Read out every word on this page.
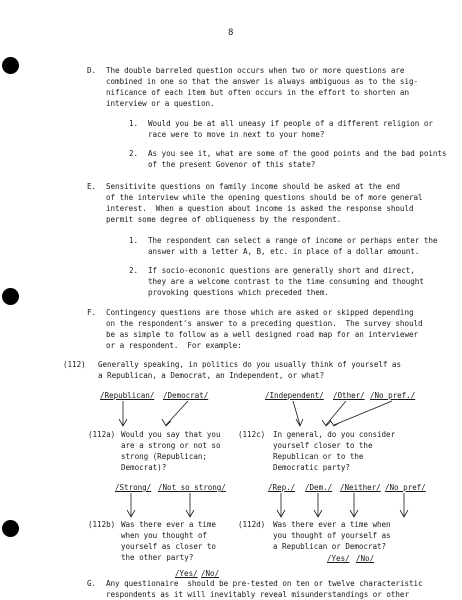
8
D. The double barreled question occurs when two or more questions are
combined in one so that the answer is always ambiguous as to the sig-
nificance of each item but often occurs in the effort to shorten an
interview or a question.
1. Would you be at all uneasy if people of a different religion or
race were to move in next to your home?
2. As you see it, what are some of the good points and the bad points
of the present Govenor of this state?
E. Sensitivite questions on family income should be asked at the end
of the interview while the opening questions should be of more general
interest.  When a question about income is asked the response should
permit some degree of obliqueness by the respondent.
1. The respondent can select a range of income or perhaps enter the
answer with a letter A, B, etc. in place of a dollar amount.
2. If socio-econonic questions are generally short and direct,
they are a welcome contrast to the time consuming and thought
provoking questions which preceded them.
F. Contingency questions are those which are asked or skipped depending
on the respondent's answer to a preceding question.  The survey should
be as simple to follow as a well designed road map for an interviewer
or a respondent.  For example:
(112) Generally speaking, in politics do you usually think of yourself as
a Republican, a Democrat, an Independent, or what?
/Republican/ /Democrat/	/Independent/ /Other/ /No pref./
(112a) Would you say that you
are a strong or not so
strong (Republican;
Democrat)?
(112c) In general, do you consider
yourself closer to the
Republican or to the
Democratic party?
/Strong/ /Not so strong/	/Rep./ /Dem./ /Neither/ /No pref/
(112b) Was there ever a time
when you thought of
yourself as closer to
the other party?
(112d) Was there ever a time when
you thought of yourself as
a Republican or Democrat?
/Yes/ /No/
/Yes/ /No/
G. Any questionaire  should be pre-tested on ten or twelve characteristic
respondents as it will inevitably reveal misunderstandings or other
